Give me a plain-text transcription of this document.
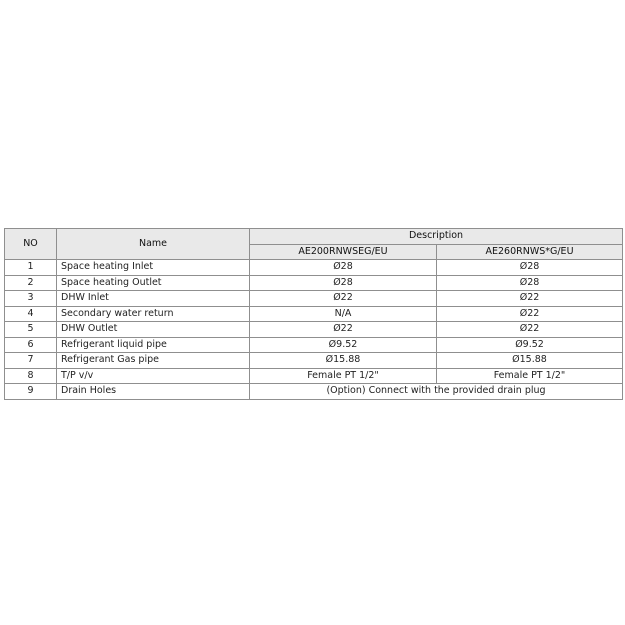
NO	Name	Description	
		AE200RNWSEG/EU	AE260RNWS*G/EU
1	Space heating Inlet	Ø28	Ø28
2	Space heating Outlet	Ø28	Ø28
3	DHW Inlet	Ø22	Ø22
4	Secondary water return	N/A	Ø22
5	DHW Outlet	Ø22	Ø22
6	Refrigerant liquid pipe	Ø9.52	Ø9.52
7	Refrigerant Gas pipe	Ø15.88	Ø15.88
8	T/P v/v	Female PT 1/2"	Female PT 1/2"
9	Drain Holes	(Option) Connect with the provided drain plug	
